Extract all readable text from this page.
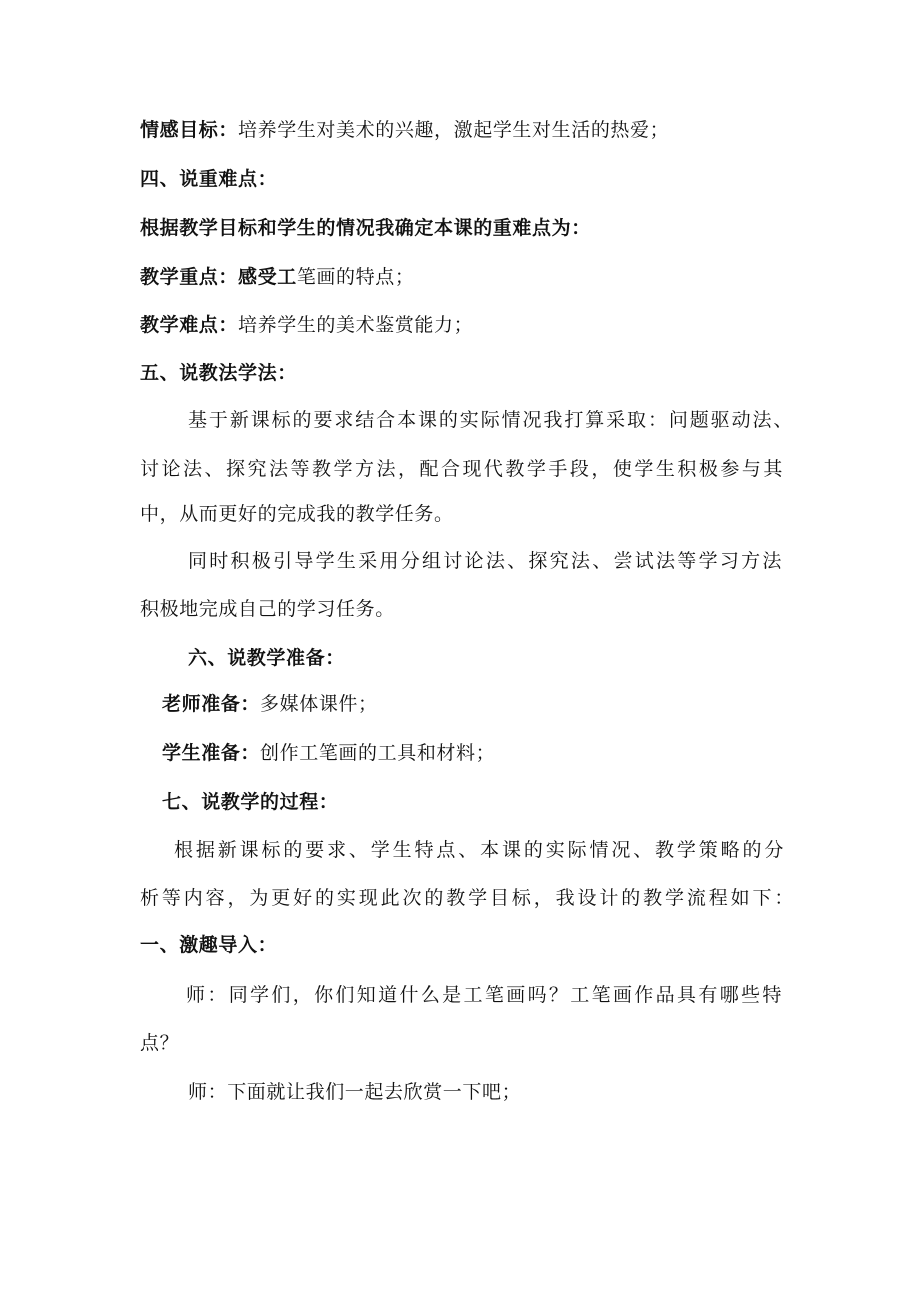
情感目标：培养学生对美术的兴趣，激起学生对生活的热爱；
四、说重难点：
根据教学目标和学生的情况我确定本课的重难点为：
教学重点：感受工笔画的特点；
教学难点：培养学生的美术鉴赏能力；
五、说教法学法：
基于新课标的要求结合本课的实际情况我打算采取：问题驱动法、
讨论法、探究法等教学方法，配合现代教学手段，使学生积极参与其
中，从而更好的完成我的教学任务。
同时积极引导学生采用分组讨论法、探究法、尝试法等学习方法
积极地完成自己的学习任务。
六、说教学准备：
老师准备：多媒体课件；
学生准备：创作工笔画的工具和材料；
七、说教学的过程：
根据新课标的要求、学生特点、本课的实际情况、教学策略的分
析等内容，为更好的实现此次的教学目标，我设计的教学流程如下：
一、激趣导入：
师：同学们，你们知道什么是工笔画吗？工笔画作品具有哪些特
点？
师：下面就让我们一起去欣赏一下吧；
